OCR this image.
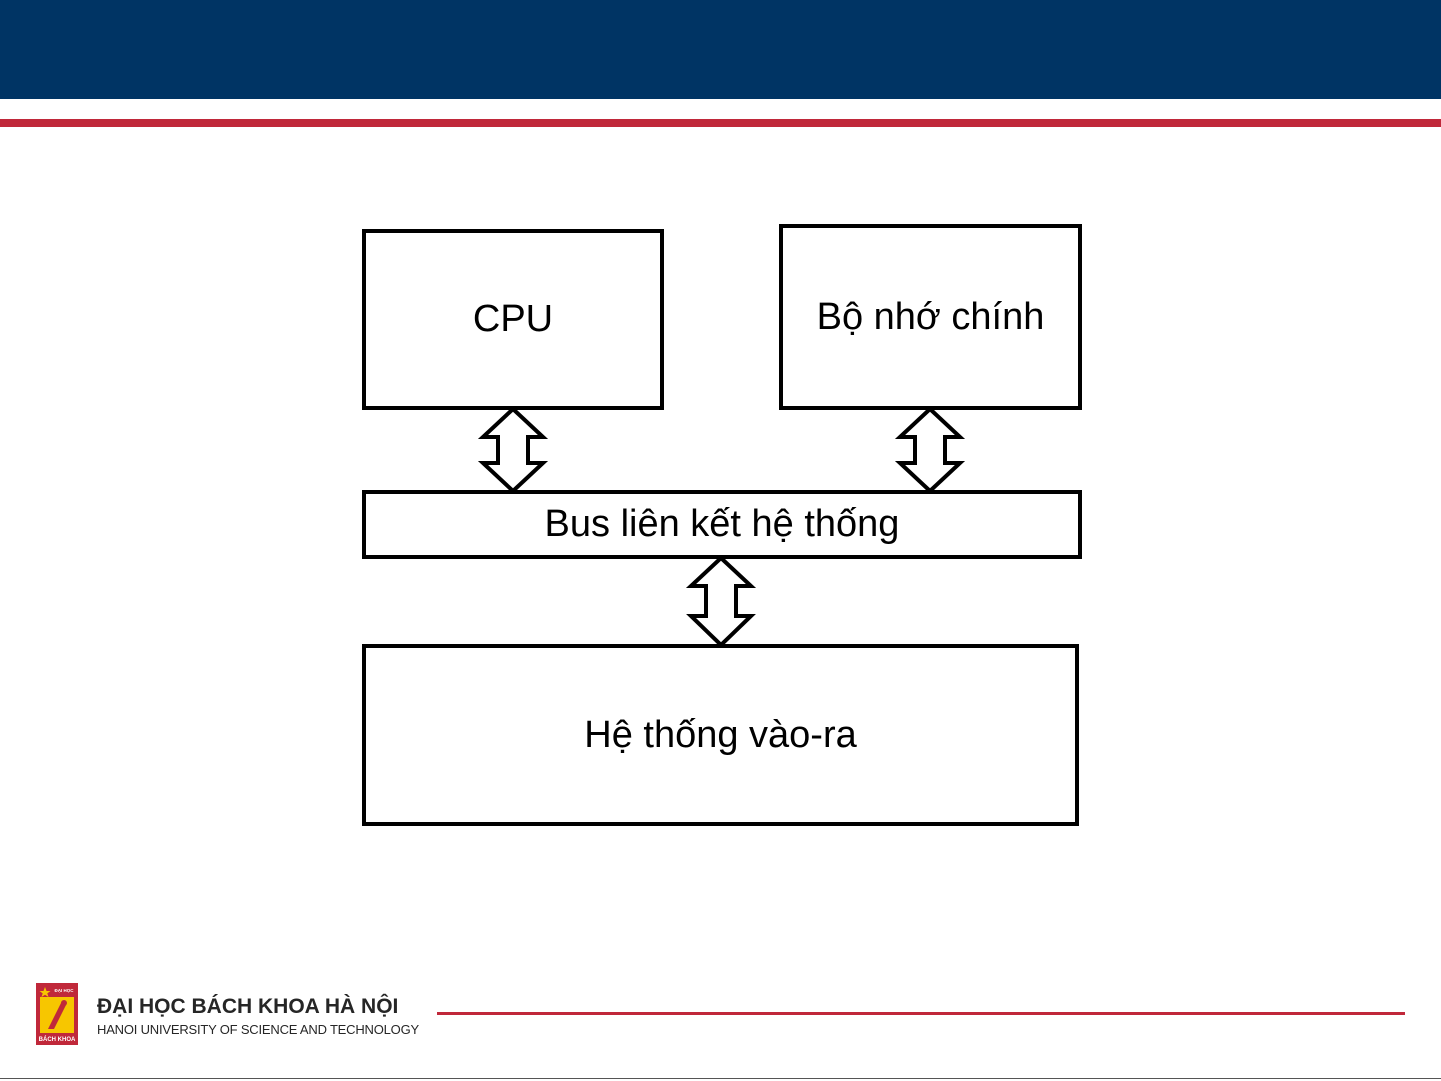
CPU	Bộ nhớ chính
Bus liên kết hệ thống
Hệ thống vào-ra
ĐẠI HỌC
BÁCH KHOA
ĐẠI HỌC BÁCH KHOA HÀ NỘI
HANOI UNIVERSITY OF SCIENCE AND TECHNOLOGY
